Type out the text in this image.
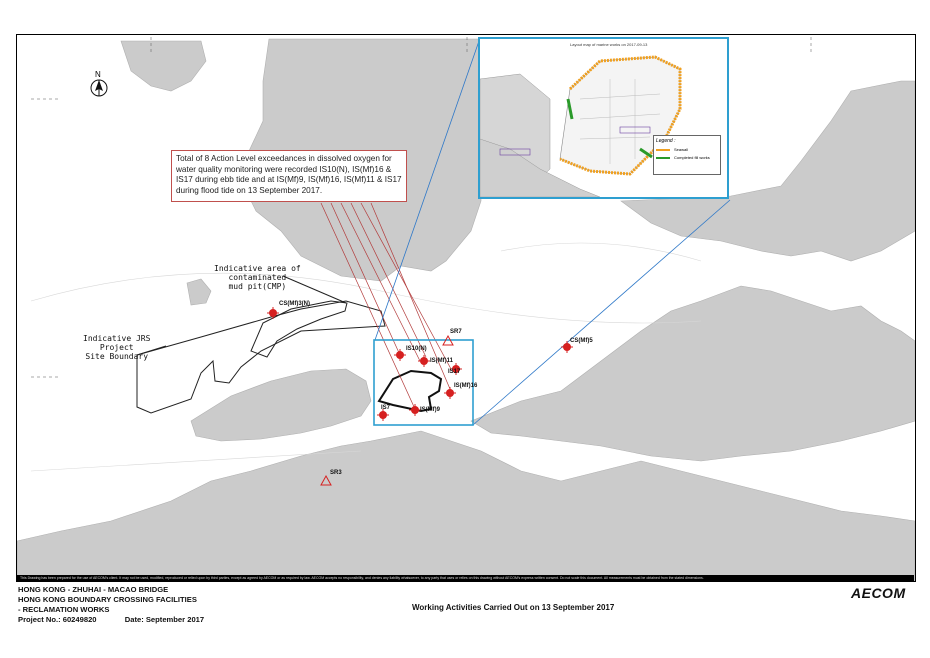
N
Indicative area of
contaminated
mud pit(CMP)
Indicative JRS
Project
Site Boundary
CS(Mf)3(N)
SR7
IS10(N)
IS(Mf)11
IS17
IS(Mf)16
IS7	IS(Mf)9
CS(Mf)5
SR3
Total of 8 Action Level exceedances in dissolved oxygen for water quality monitoring were recorded IS10(N), IS(Mf)16 & IS17 during ebb tide and at IS(Mf)9, IS(Mf)16, IS(Mf)11 & IS17 during flood tide on 13 September 2017.
Layout map of marine works on 2017-09-13
Legend :
Seawall
Completed fill works
This Drawing has been prepared for the use of AECOM's client. It may not be used, modified, reproduced or relied upon by third parties, except as agreed by AECOM or as required by law. AECOM accepts no responsibility, and denies any liability whatsoever, to any party that uses or relies on this drawing without AECOM's express written consent. Do not scale this document. All measurements must be obtained from the stated dimensions.
HONG KONG - ZHUHAI - MACAO BRIDGE
HONG KONG BOUNDARY CROSSING FACILITIES
- RECLAMATION WORKS
Project No.: 60249820	Date: September 2017
Working Activities Carried Out on 13 September 2017
AECOM
